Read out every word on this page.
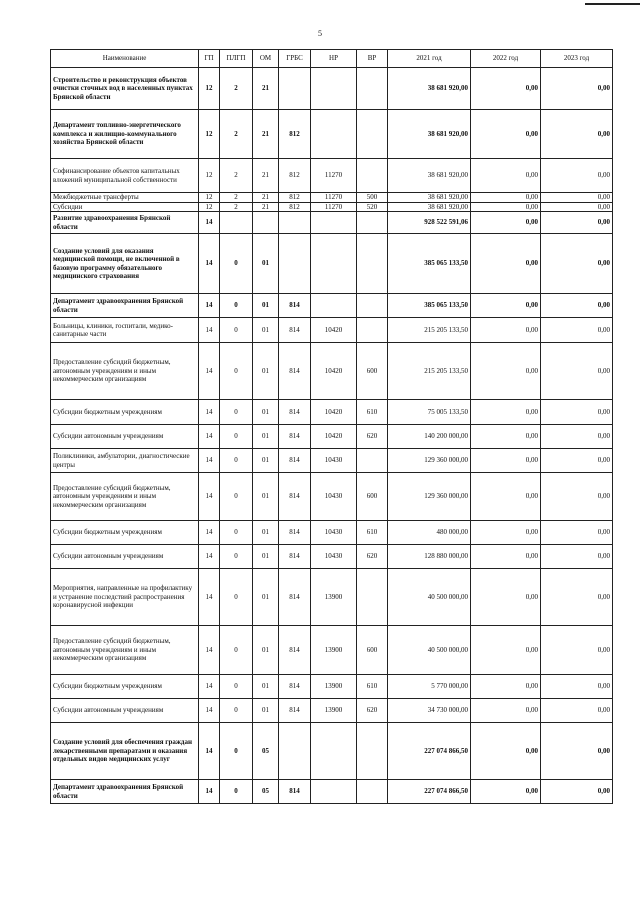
5
Наименование	ГП	ПЛГП	ОМ	ГРБС	НР	ВР	2021 год	2022 год	2023 год
Строительство и реконструкция объектов очистки сточных вод в населенных пунктах Брянской области	12	2	21				38 681 920,00	0,00	0,00
Департамент топливно-энергетического комплекса и жилищно-коммунального хозяйства Брянской области	12	2	21	812			38 681 920,00	0,00	0,00
Софинансирование объектов капитальных вложений муниципальной собственности	12	2	21	812	11270		38 681 920,00	0,00	0,00
Межбюджетные трансферты	12	2	21	812	11270	500	38 681 920,00	0,00	0,00
Субсидии	12	2	21	812	11270	520	38 681 920,00	0,00	0,00
Развитие здравоохранения Брянской области	14						928 522 591,06	0,00	0,00
Создание условий для оказания медицинской помощи, не включенной в базовую программу обязательного медицинского страхования	14	0	01				385 065 133,50	0,00	0,00
Департамент здравоохранения Брянской области	14	0	01	814			385 065 133,50	0,00	0,00
Больницы, клиники, госпитали, медико-санитарные части	14	0	01	814	10420		215 205 133,50	0,00	0,00
Предоставление субсидий бюджетным, автономным учреждениям и иным некоммерческим организациям	14	0	01	814	10420	600	215 205 133,50	0,00	0,00
Субсидии бюджетным учреждениям	14	0	01	814	10420	610	75 005 133,50	0,00	0,00
Субсидии автономным учреждениям	14	0	01	814	10420	620	140 200 000,00	0,00	0,00
Поликлиники, амбулатории, диагностические центры	14	0	01	814	10430		129 360 000,00	0,00	0,00
Предоставление субсидий бюджетным, автономным учреждениям и иным некоммерческим организациям	14	0	01	814	10430	600	129 360 000,00	0,00	0,00
Субсидии бюджетным учреждениям	14	0	01	814	10430	610	480 000,00	0,00	0,00
Субсидии автономным учреждениям	14	0	01	814	10430	620	128 880 000,00	0,00	0,00
Мероприятия, направленные на профилактику и устранение последствий распространения коронавирусной инфекции	14	0	01	814	13900		40 500 000,00	0,00	0,00
Предоставление субсидий бюджетным, автономным учреждениям и иным некоммерческим организациям	14	0	01	814	13900	600	40 500 000,00	0,00	0,00
Субсидии бюджетным учреждениям	14	0	01	814	13900	610	5 770 000,00	0,00	0,00
Субсидии автономным учреждениям	14	0	01	814	13900	620	34 730 000,00	0,00	0,00
Создание условий для обеспечения граждан лекарственными препаратами и оказания отдельных видов медицинских услуг	14	0	05				227 074 866,50	0,00	0,00
Департамент здравоохранения Брянской области	14	0	05	814			227 074 866,50	0,00	0,00
